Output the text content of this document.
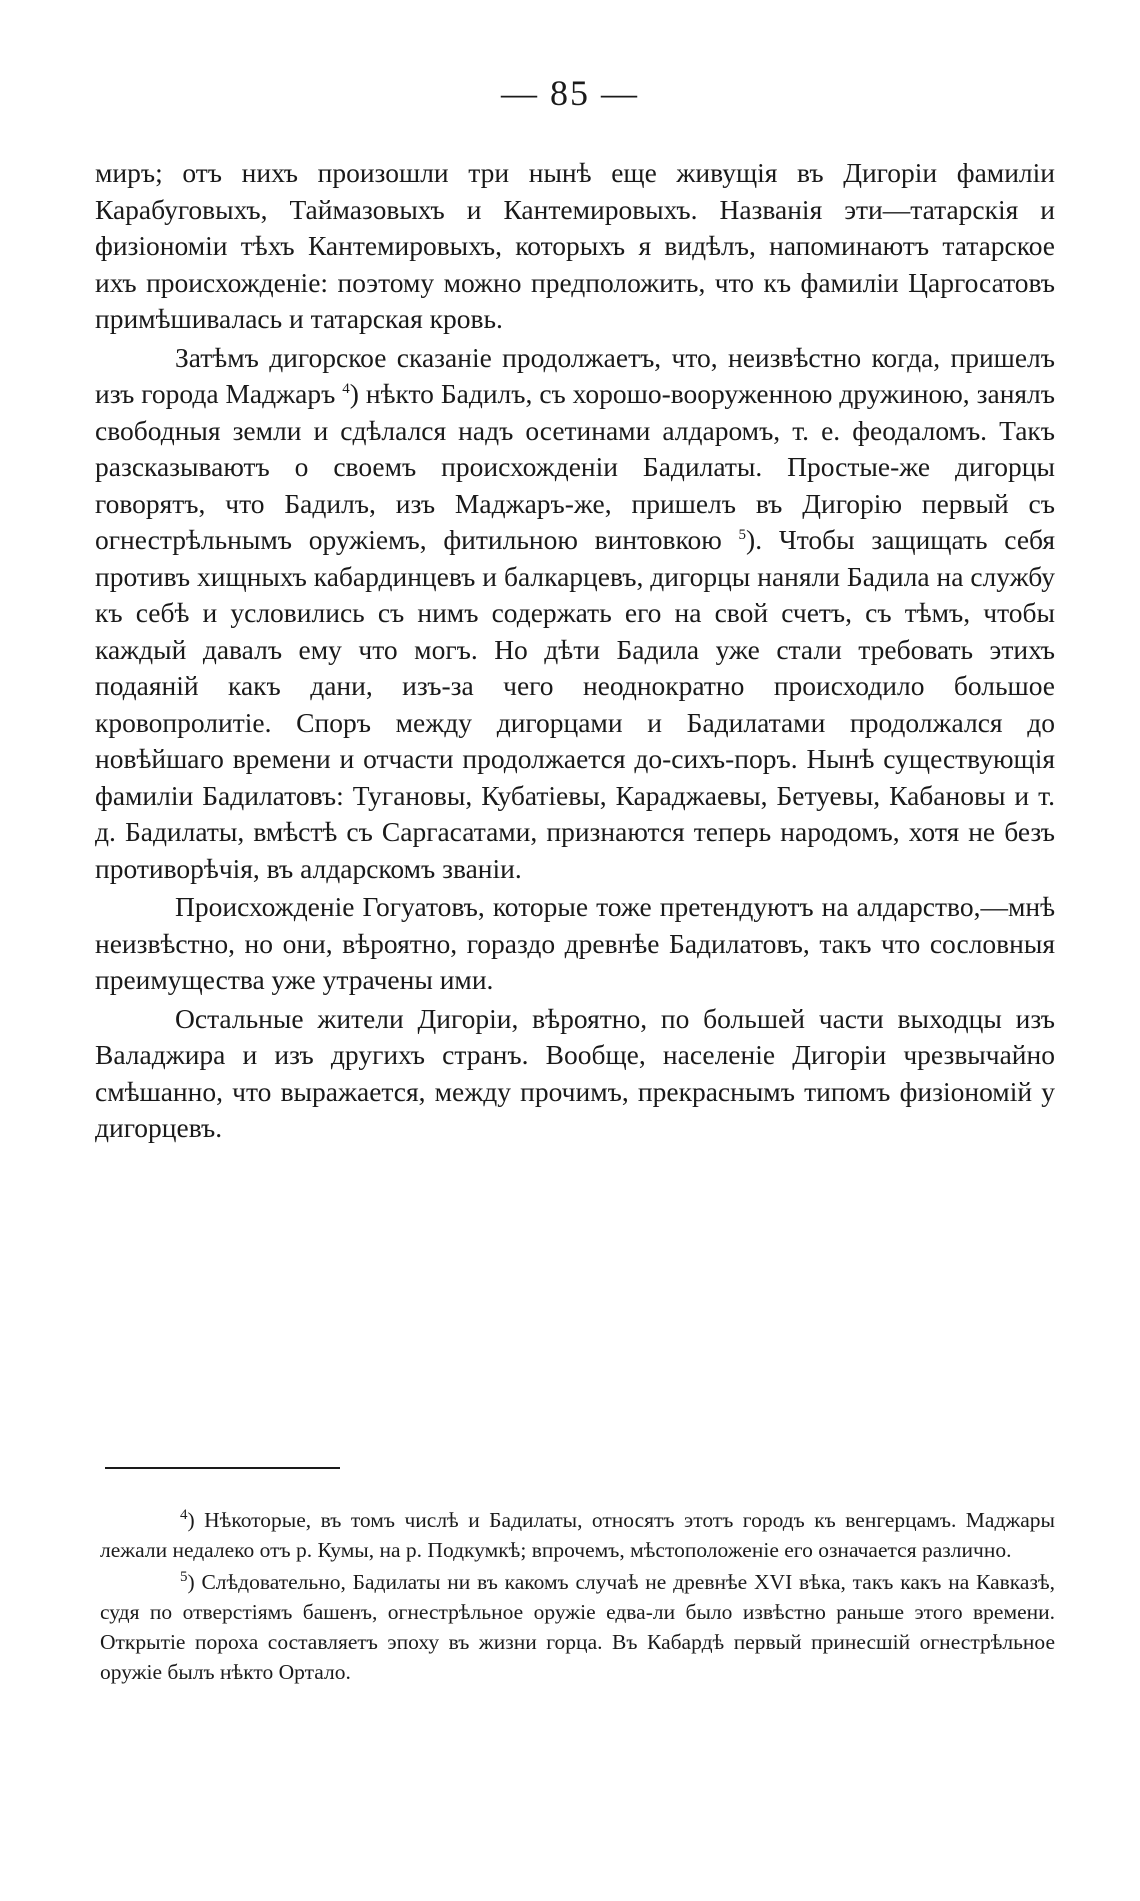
— 85 —

миръ; отъ нихъ произошли три нынѣ еще живущія въ Дигоріи фамиліи Карабуговыхъ, Таймазовыхъ и Кантемировыхъ. Названія эти—татарскія и физіономіи тѣхъ Кантемировыхъ, которыхъ я видѣлъ, напоминаютъ татарское ихъ происхожденіе: поэтому можно предположить, что къ фамиліи Царгосатовъ примѣшивалась и татарская кровь.

Затѣмъ дигорское сказаніе продолжаетъ, что, неизвѣстно когда, пришелъ изъ города Маджаръ $^4$) нѣкто Бадилъ, съ хорошо-вооруженною дружиною, занялъ свободныя земли и сдѣлался надъ осетинами алдаромъ, т. е. феодаломъ. Такъ разсказываютъ о своемъ происхожденіи Бадилаты. Простые-же дигорцы говорятъ, что Бадилъ, изъ Маджаръ-же, пришелъ въ Дигорію первый съ огнестрѣльнымъ оружіемъ, фитильною винтовкою $^5$). Чтобы защищать себя противъ хищныхъ кабардинцевъ и балкарцевъ, дигорцы наняли Бадила на службу къ себѣ и условились съ нимъ содержать его на свой счетъ, съ тѣмъ, чтобы каждый давалъ ему что могъ. Но дѣти Бадила уже стали требовать этихъ подаяній какъ дани, изъ-за чего неоднократно происходило большое кровопролитіе. Споръ между дигорцами и Бадилатами продолжался до новѣйшаго времени и отчасти продолжается до-сихъ-поръ. Нынѣ существующія фамиліи Бадилатовъ: Тугановы, Кубатіевы, Караджаевы, Бетуевы, Кабановы и т. д. Бадилаты, вмѣстѣ съ Саргасатами, признаются теперь народомъ, хотя не безъ противорѣчія, въ алдарскомъ званіи.

Происхожденіе Гогуатовъ, которые тоже претендуютъ на алдарство,—мнѣ неизвѣстно, но они, вѣроятно, гораздо древнѣе Бадилатовъ, такъ что сословныя преимущества уже утрачены ими.

Остальные жители Дигоріи, вѣроятно, по большей части выходцы изъ Валаджира и изъ другихъ странъ. Вообще, населеніе Дигоріи чрезвычайно смѣшанно, что выражается, между прочимъ, прекраснымъ типомъ физіономій у дигорцевъ.

$^4$) Нѣкоторые, въ томъ числѣ и Бадилаты, относятъ этотъ городъ къ венгерцамъ. Маджары лежали недалеко отъ р. Кумы, на р. Подкумкѣ; впрочемъ, мѣстоположеніе его означается различно.

$^5$) Слѣдовательно, Бадилаты ни въ какомъ случаѣ не древнѣе XVI вѣка, такъ какъ на Кавказѣ, судя по отверстіямъ башенъ, огнестрѣльное оружіе едва-ли было извѣстно раньше этого времени. Открытіе пороха составляетъ эпоху въ жизни горца. Въ Кабардѣ первый принесшій огнестрѣльное оружіе былъ нѣкто Ортало.
